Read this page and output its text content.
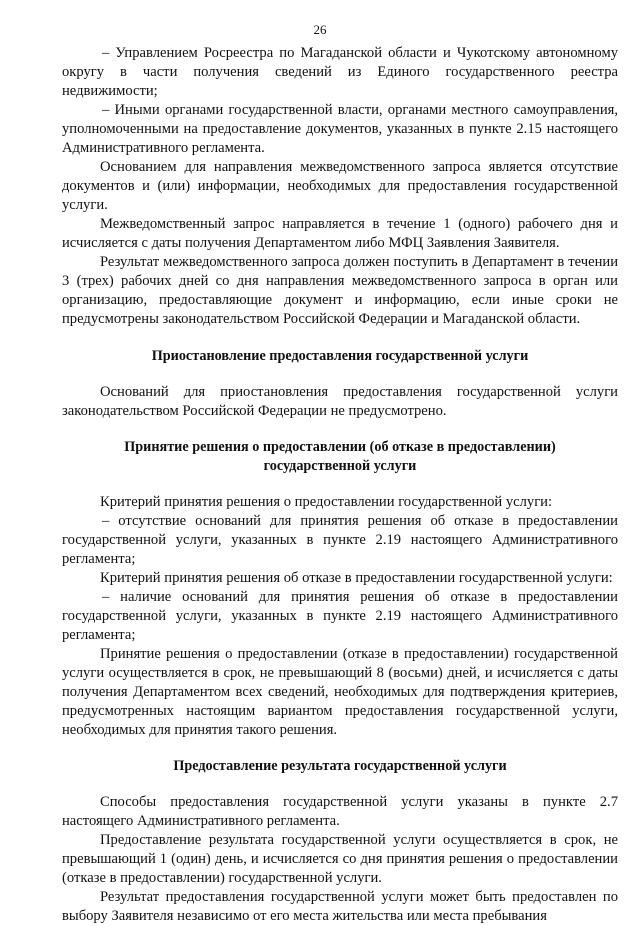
26

– Управлением Росреестра по Магаданской области и Чукотскому автономному округу в части получения сведений из Единого государственного реестра недвижимости;

– Иными органами государственной власти, органами местного самоуправления, уполномоченными на предоставление документов, указанных в пункте 2.15 настоящего Административного регламента.

Основанием для направления межведомственного запроса является отсутствие документов и (или) информации, необходимых для предоставления государственной услуги.

Межведомственный запрос направляется в течение 1 (одного) рабочего дня и исчисляется с даты получения Департаментом либо МФЦ Заявления Заявителя.

Результат межведомственного запроса должен поступить в Департамент в течении 3 (трех) рабочих дней со дня направления межведомственного запроса в орган или организацию, предоставляющие документ и информацию, если иные сроки не предусмотрены законодательством Российской Федерации и Магаданской области.

Приостановление предоставления государственной услуги

Оснований для приостановления предоставления государственной услуги законодательством Российской Федерации не предусмотрено.

Принятие решения о предоставлении (об отказе в предоставлении)
государственной услуги

Критерий принятия решения о предоставлении государственной услуги:

– отсутствие оснований для принятия решения об отказе в предоставлении государственной услуги, указанных в пункте 2.19 настоящего Административного регламента;

Критерий принятия решения об отказе в предоставлении государственной услуги:

– наличие оснований для принятия решения об отказе в предоставлении государственной услуги, указанных в пункте 2.19 настоящего Административного регламента;

Принятие решения о предоставлении (отказе в предоставлении) государственной услуги осуществляется в срок, не превышающий 8 (восьми) дней, и исчисляется с даты получения Департаментом всех сведений, необходимых для подтверждения критериев, предусмотренных настоящим вариантом предоставления государственной услуги, необходимых для принятия такого решения.

Предоставление результата государственной услуги

Способы предоставления государственной услуги указаны в пункте 2.7 настоящего Административного регламента.

Предоставление результата государственной услуги осуществляется в срок, не превышающий 1 (один) день, и исчисляется со дня принятия решения о предоставлении (отказе в предоставлении) государственной услуги.

Результат предоставления государственной услуги может быть предоставлен по выбору Заявителя независимо от его места жительства или места пребывания
